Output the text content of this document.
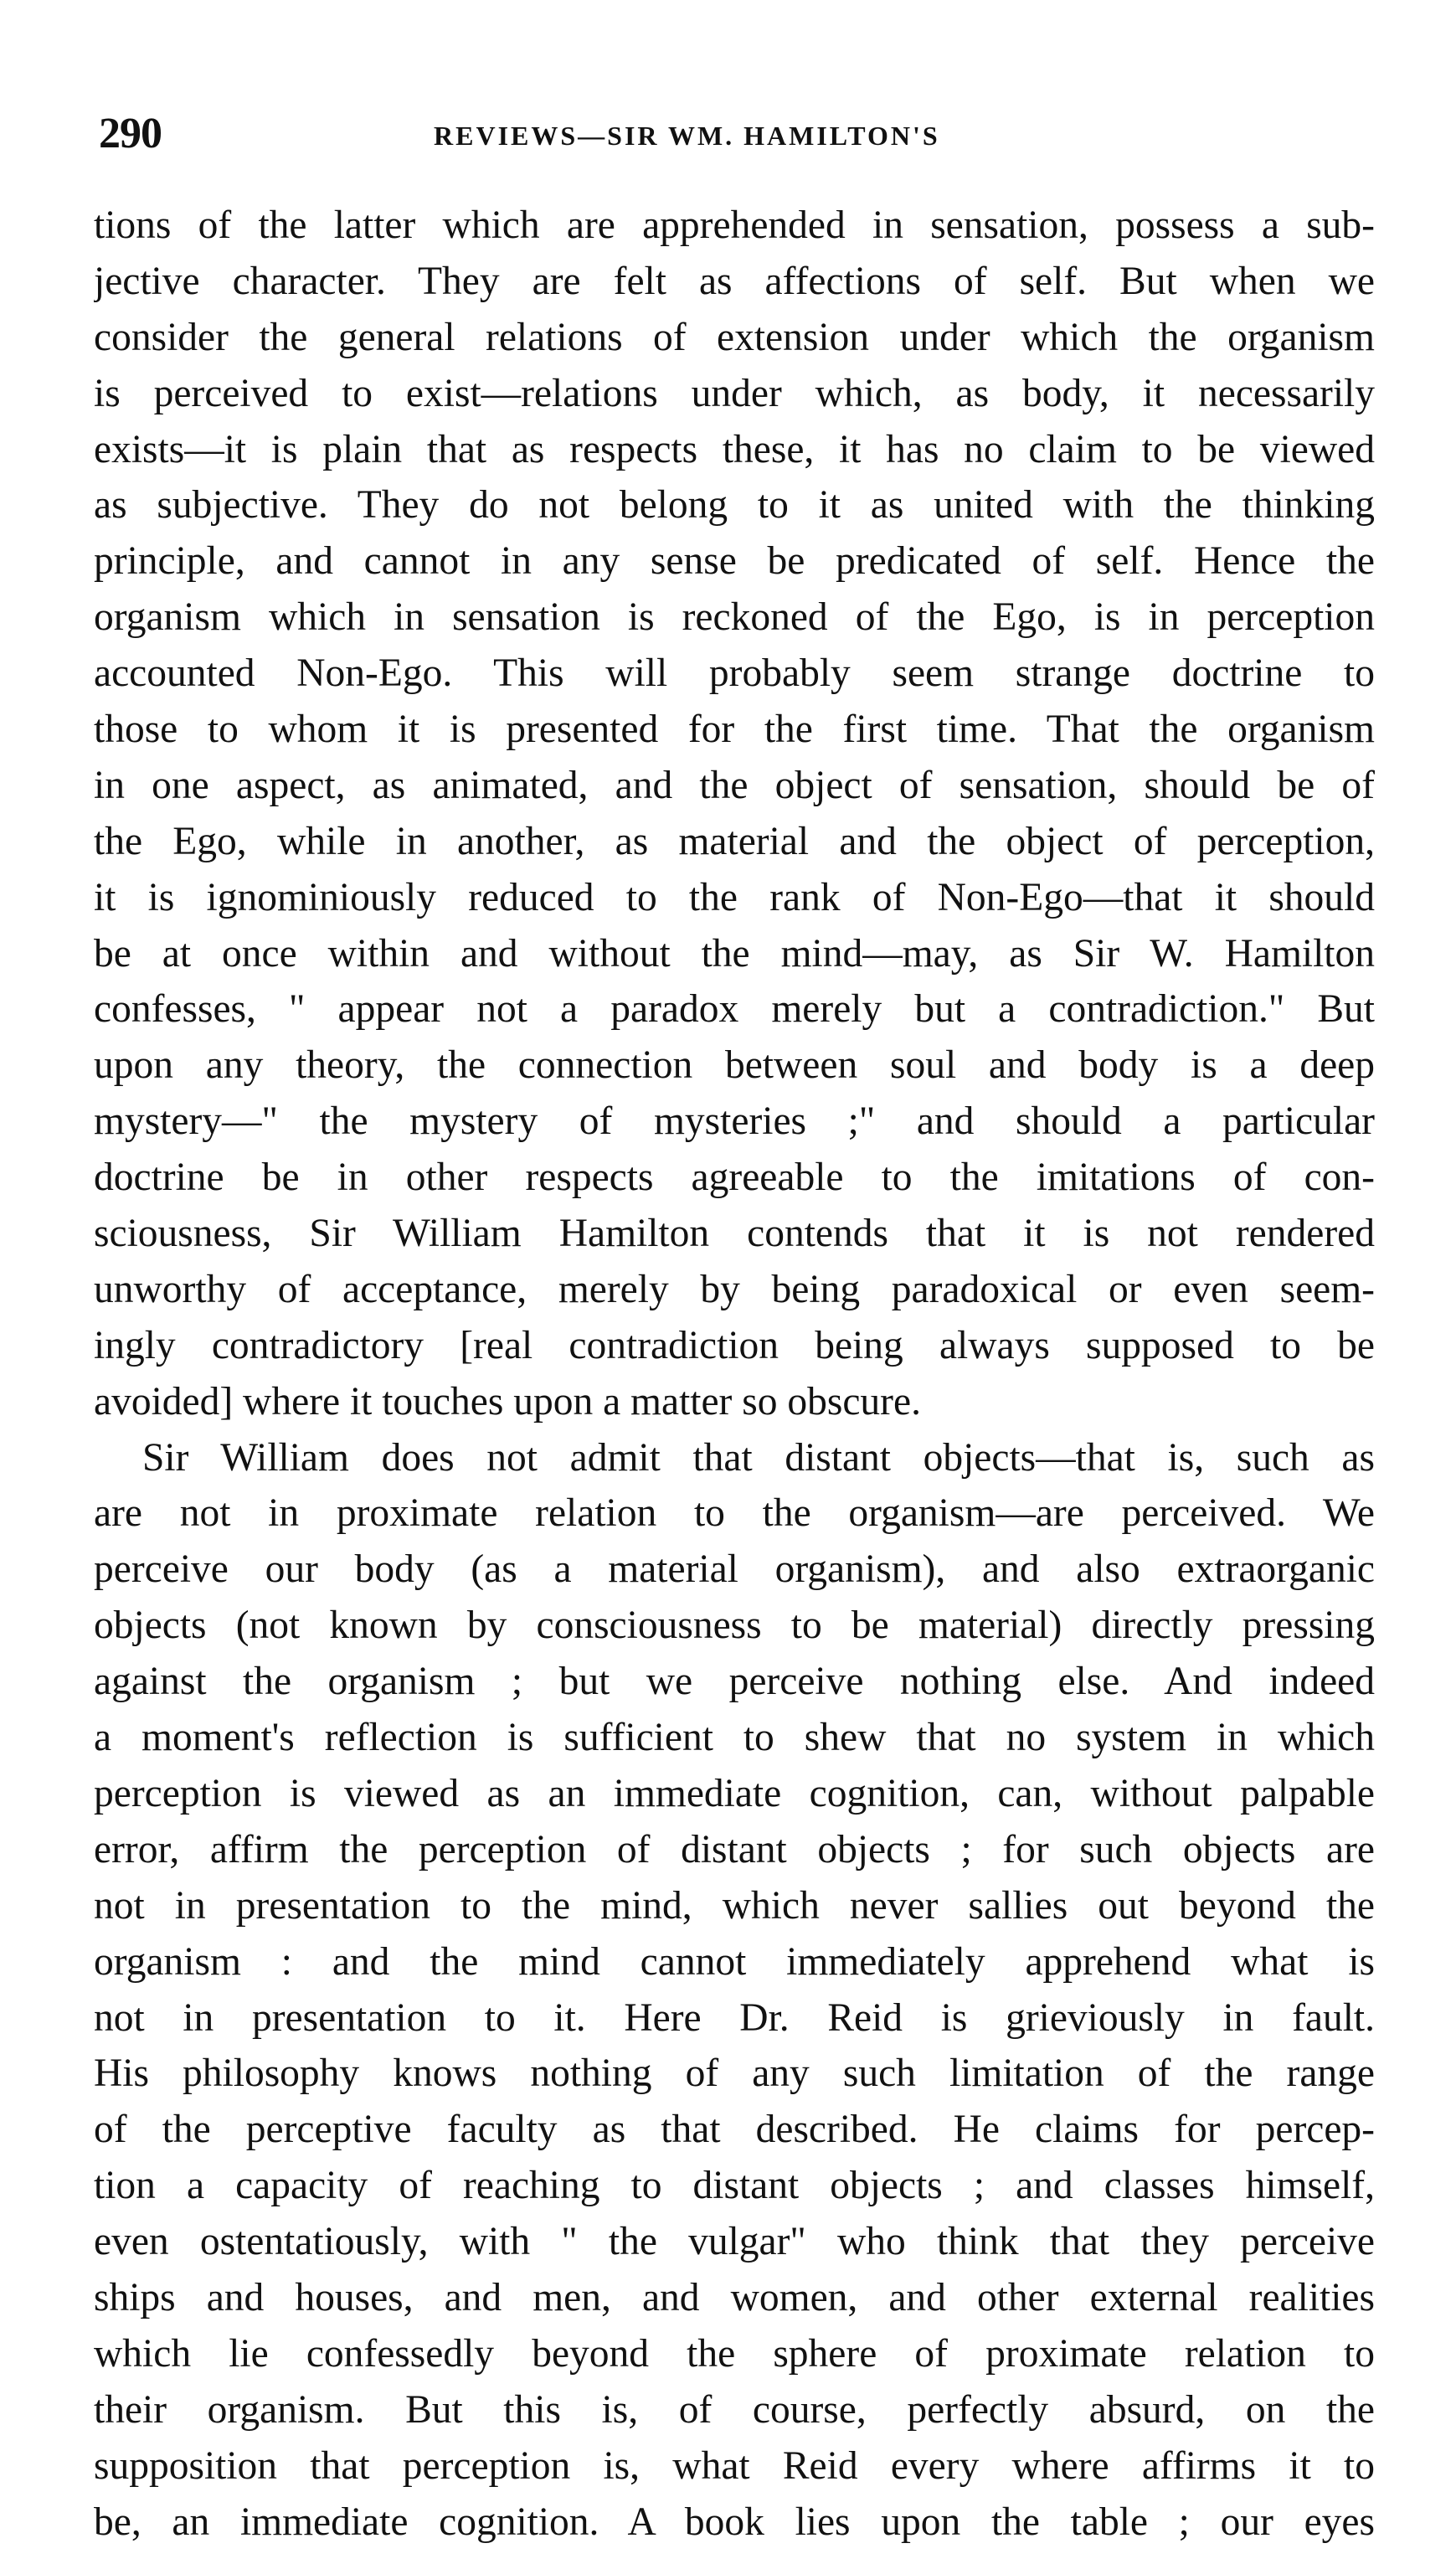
290	REVIEWS—SIR WM. HAMILTON'S
tions of the latter which are apprehended in sensation, possess a sub-
jective character. They are felt as affections of self. But when we
consider the general relations of extension under which the organism
is perceived to exist—relations under which, as body, it necessarily
exists—it is plain that as respects these, it has no claim to be viewed
as subjective. They do not belong to it as united with the thinking
principle, and cannot in any sense be predicated of self. Hence the
organism which in sensation is reckoned of the Ego, is in perception
accounted Non-Ego. This will probably seem strange doctrine to
those to whom it is presented for the first time. That the organism
in one aspect, as animated, and the object of sensation, should be of
the Ego, while in another, as material and the object of perception,
it is ignominiously reduced to the rank of Non-Ego—that it should
be at once within and without the mind—may, as Sir W. Hamilton
confesses, " appear not a paradox merely but a contradiction." But
upon any theory, the connection between soul and body is a deep
mystery—" the mystery of mysteries ;" and should a particular
doctrine be in other respects agreeable to the imitations of con-
sciousness, Sir William Hamilton contends that it is not rendered
unworthy of acceptance, merely by being paradoxical or even seem-
ingly contradictory [real contradiction being always supposed to be
avoided] where it touches upon a matter so obscure.
Sir William does not admit that distant objects—that is, such as
are not in proximate relation to the organism—are perceived. We
perceive our body (as a material organism), and also extraorganic
objects (not known by consciousness to be material) directly pressing
against the organism ; but we perceive nothing else. And indeed
a moment's reflection is sufficient to shew that no system in which
perception is viewed as an immediate cognition, can, without palpable
error, affirm the perception of distant objects ; for such objects are
not in presentation to the mind, which never sallies out beyond the
organism : and the mind cannot immediately apprehend what is
not in presentation to it. Here Dr. Reid is grieviously in fault.
His philosophy knows nothing of any such limitation of the range
of the perceptive faculty as that described. He claims for percep-
tion a capacity of reaching to distant objects ; and classes himself,
even ostentatiously, with " the vulgar" who think that they perceive
ships and houses, and men, and women, and other external realities
which lie confessedly beyond the sphere of proximate relation to
their organism. But this is, of course, perfectly absurd, on the
supposition that perception is, what Reid every where affirms it to
be, an immediate cognition. A book lies upon the table ; our eyes
